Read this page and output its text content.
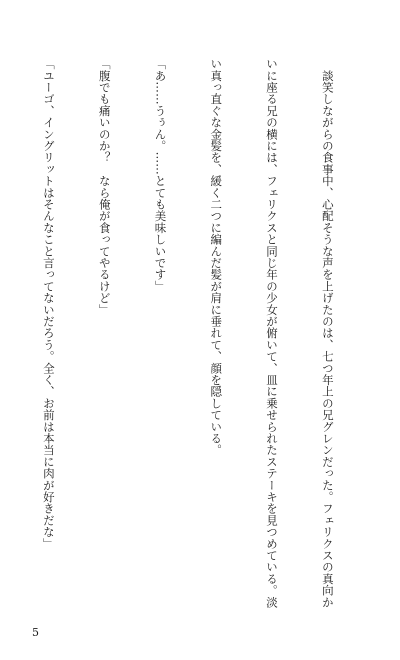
　談笑しながらの食事中、心配そうな声を上げたのは、七つ年上の兄グレンだった。フェリクスの真向か

いに座る兄の横には、フェリクスと同じ年の少女が俯いて、皿に乗せられたステーキを見つめている。淡

い真っ直ぐな金髪を、緩く二つに編んだ髪が肩に垂れて、顔を隠している。

「あ……うぅん。……とても美味しいです」

「腹でも痛いのか？　なら俺が食ってやるけど」

「ユーゴ、イングリットはそんなこと言ってないだろう。全く、お前は本当に肉が好きだな」

5
